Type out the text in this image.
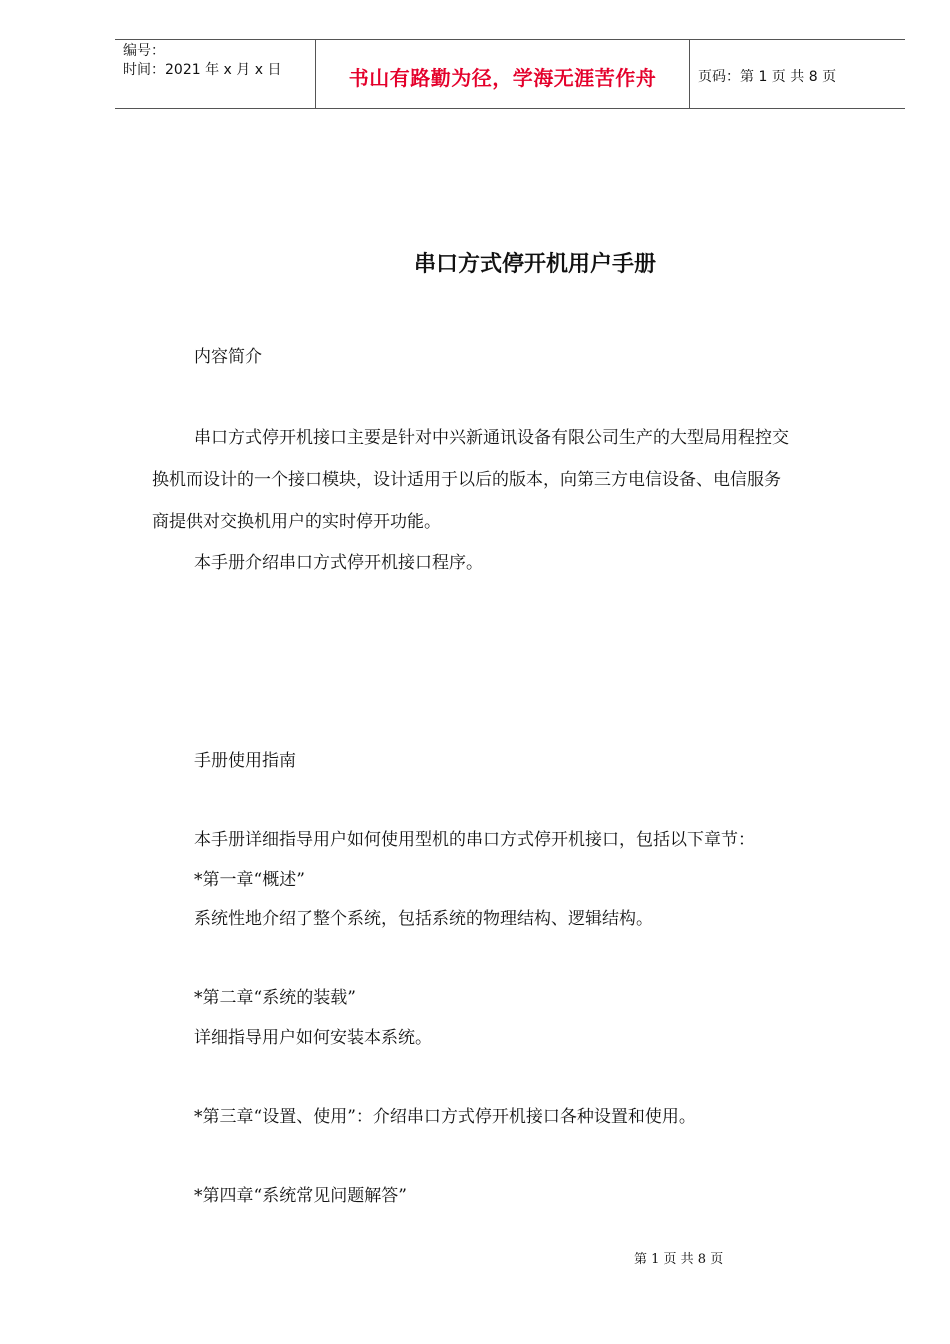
编号：
时间：2021 年 x 月 x 日	书山有路勤为径，学海无涯苦作舟	页码：第 1 页 共 8 页
串口方式停开机用户手册
内容简介
串口方式停开机接口主要是针对中兴新通讯设备有限公司生产的大型局用程控交
换机而设计的一个接口模块，设计适用于以后的版本，向第三方电信设备、电信服务
商提供对交换机用户的实时停开功能。
本手册介绍串口方式停开机接口程序。
手册使用指南
本手册详细指导用户如何使用型机的串口方式停开机接口，包括以下章节：
*第一章“概述”
系统性地介绍了整个系统，包括系统的物理结构、逻辑结构。
*第二章“系统的装载”
详细指导用户如何安装本系统。
*第三章“设置、使用”：介绍串口方式停开机接口各种设置和使用。
*第四章“系统常见问题解答”
第 1 页 共 8 页
